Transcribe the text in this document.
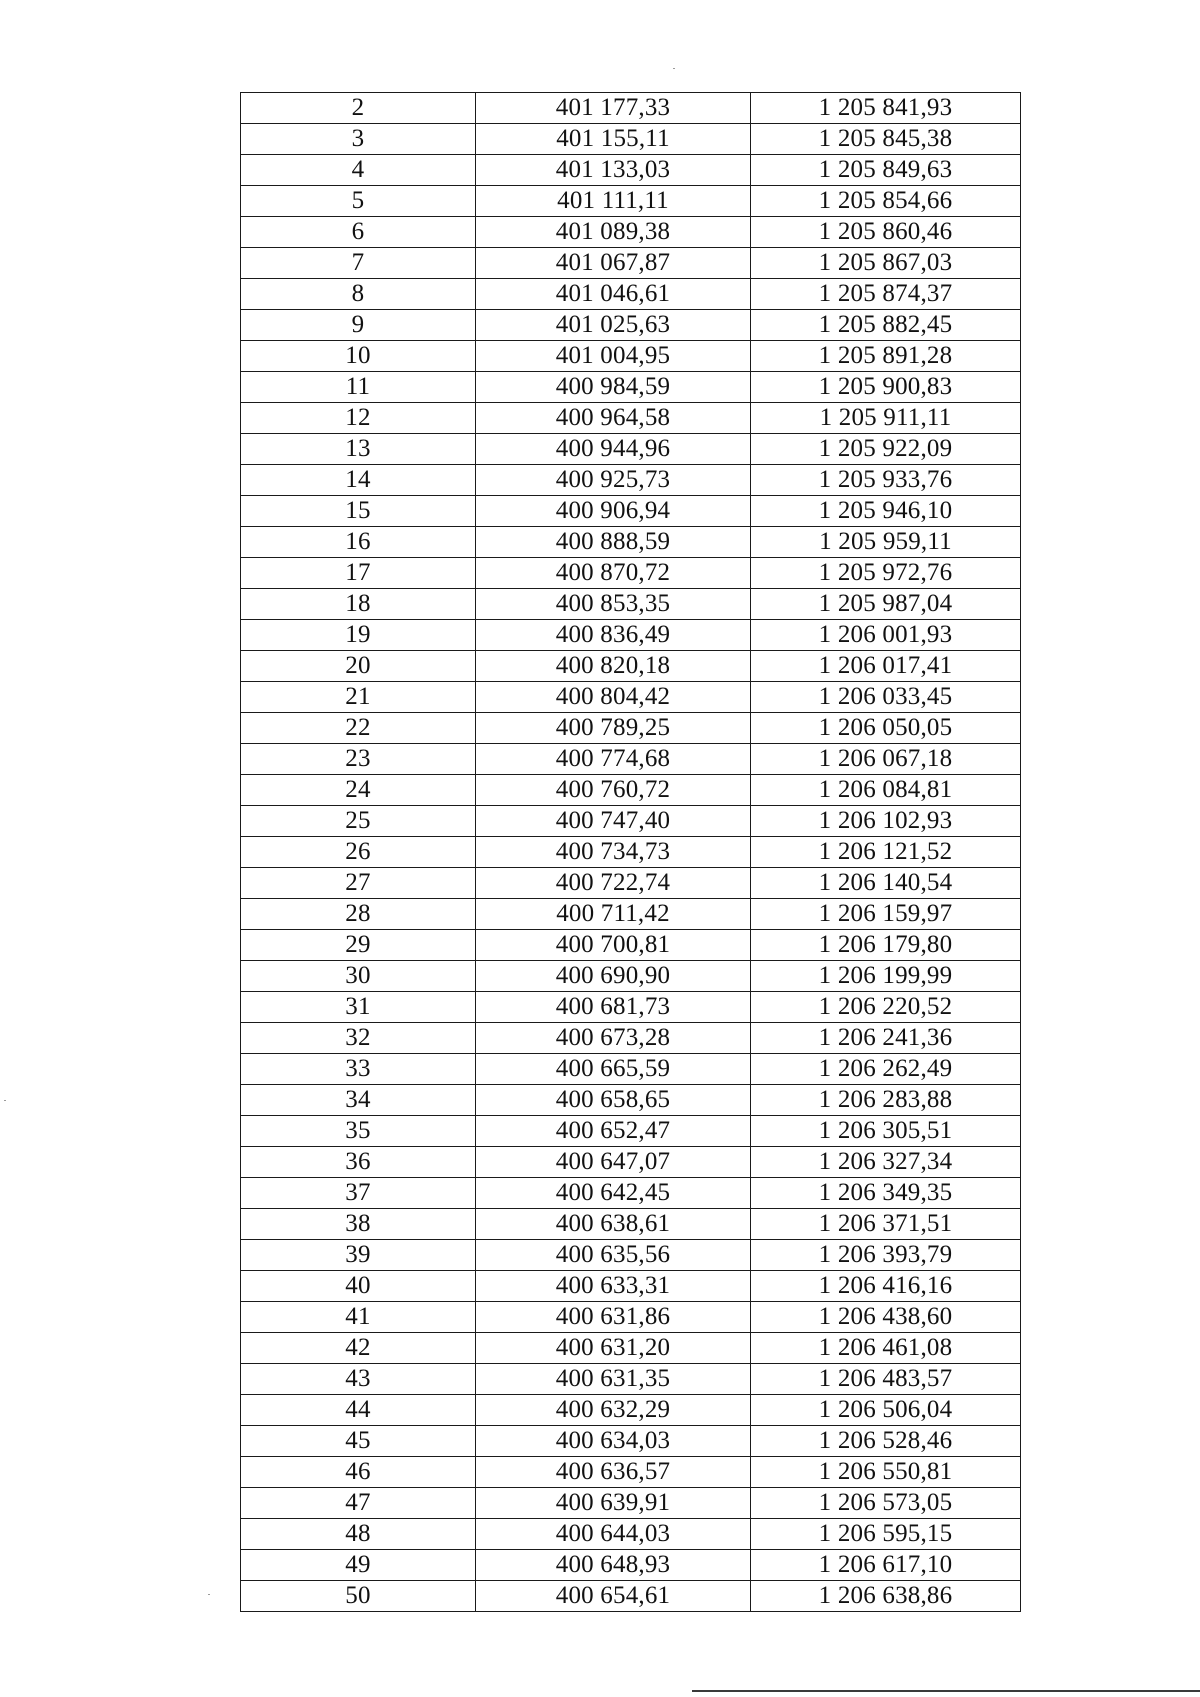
2	401 177,33	1 205 841,93
3	401 155,11	1 205 845,38
4	401 133,03	1 205 849,63
5	401 111,11	1 205 854,66
6	401 089,38	1 205 860,46
7	401 067,87	1 205 867,03
8	401 046,61	1 205 874,37
9	401 025,63	1 205 882,45
10	401 004,95	1 205 891,28
11	400 984,59	1 205 900,83
12	400 964,58	1 205 911,11
13	400 944,96	1 205 922,09
14	400 925,73	1 205 933,76
15	400 906,94	1 205 946,10
16	400 888,59	1 205 959,11
17	400 870,72	1 205 972,76
18	400 853,35	1 205 987,04
19	400 836,49	1 206 001,93
20	400 820,18	1 206 017,41
21	400 804,42	1 206 033,45
22	400 789,25	1 206 050,05
23	400 774,68	1 206 067,18
24	400 760,72	1 206 084,81
25	400 747,40	1 206 102,93
26	400 734,73	1 206 121,52
27	400 722,74	1 206 140,54
28	400 711,42	1 206 159,97
29	400 700,81	1 206 179,80
30	400 690,90	1 206 199,99
31	400 681,73	1 206 220,52
32	400 673,28	1 206 241,36
33	400 665,59	1 206 262,49
34	400 658,65	1 206 283,88
35	400 652,47	1 206 305,51
36	400 647,07	1 206 327,34
37	400 642,45	1 206 349,35
38	400 638,61	1 206 371,51
39	400 635,56	1 206 393,79
40	400 633,31	1 206 416,16
41	400 631,86	1 206 438,60
42	400 631,20	1 206 461,08
43	400 631,35	1 206 483,57
44	400 632,29	1 206 506,04
45	400 634,03	1 206 528,46
46	400 636,57	1 206 550,81
47	400 639,91	1 206 573,05
48	400 644,03	1 206 595,15
49	400 648,93	1 206 617,10
50	400 654,61	1 206 638,86
